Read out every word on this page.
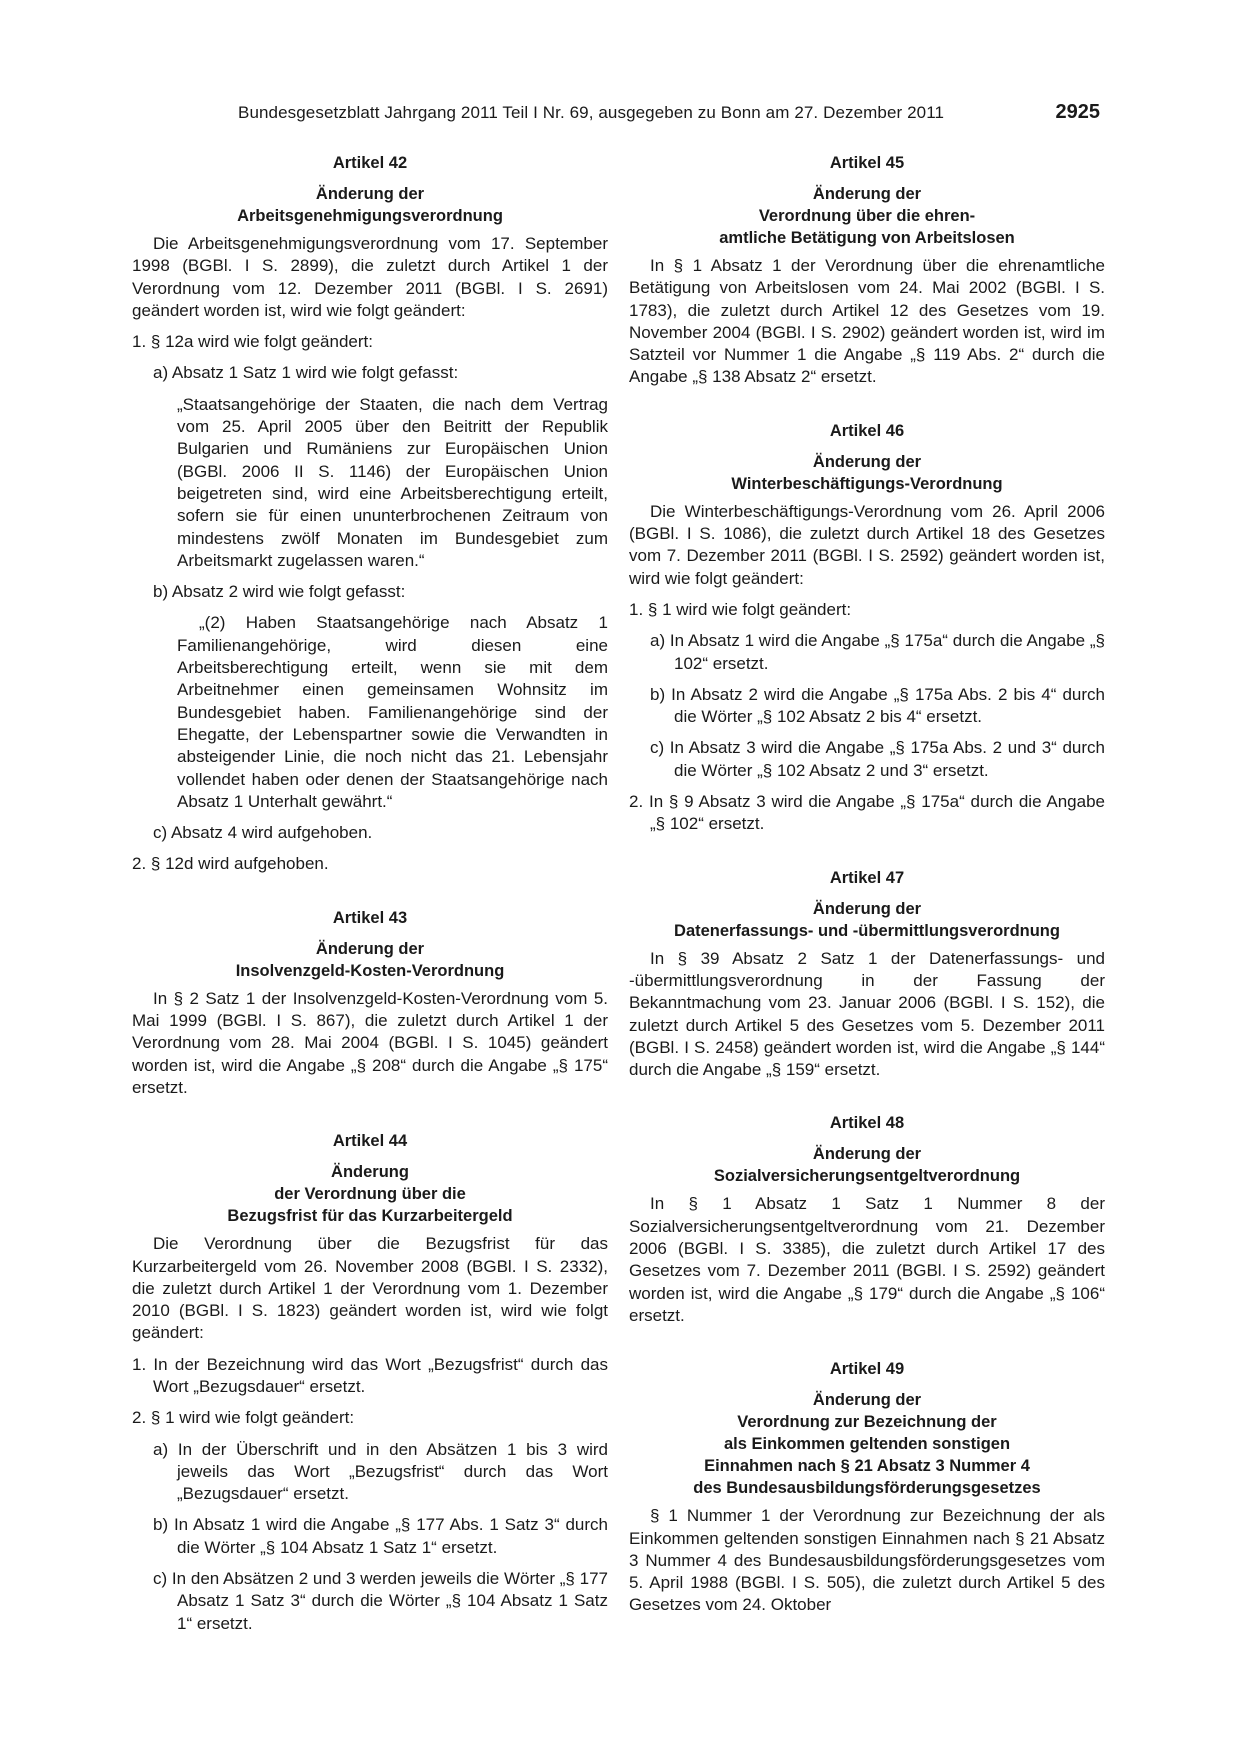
Bundesgesetzblatt Jahrgang 2011 Teil I Nr. 69, ausgegeben zu Bonn am 27. Dezember 2011	2925
Artikel 42
Änderung der
Arbeitsgenehmigungsverordnung

Die Arbeitsgenehmigungsverordnung vom 17. September 1998 (BGBl. I S. 2899), die zuletzt durch Artikel 1 der Verordnung vom 12. Dezember 2011 (BGBl. I S. 2691) geändert worden ist, wird wie folgt geändert:

1. § 12a wird wie folgt geändert:

a) Absatz 1 Satz 1 wird wie folgt gefasst:

„Staatsangehörige der Staaten, die nach dem Vertrag vom 25. April 2005 über den Beitritt der Republik Bulgarien und Rumäniens zur Europäischen Union (BGBl. 2006 II S. 1146) der Europäischen Union beigetreten sind, wird eine Arbeitsberechtigung erteilt, sofern sie für einen ununterbrochenen Zeitraum von mindestens zwölf Monaten im Bundesgebiet zum Arbeitsmarkt zugelassen waren.“

b) Absatz 2 wird wie folgt gefasst:

„(2) Haben Staatsangehörige nach Absatz 1 Familienangehörige, wird diesen eine Arbeitsberechtigung erteilt, wenn sie mit dem Arbeitnehmer einen gemeinsamen Wohnsitz im Bundesgebiet haben. Familienangehörige sind der Ehegatte, der Lebenspartner sowie die Verwandten in absteigender Linie, die noch nicht das 21. Lebensjahr vollendet haben oder denen der Staatsangehörige nach Absatz 1 Unterhalt gewährt.“

c) Absatz 4 wird aufgehoben.

2. § 12d wird aufgehoben.

Artikel 43
Änderung der
Insolvenzgeld-Kosten-Verordnung

In § 2 Satz 1 der Insolvenzgeld-Kosten-Verordnung vom 5. Mai 1999 (BGBl. I S. 867), die zuletzt durch Artikel 1 der Verordnung vom 28. Mai 2004 (BGBl. I S. 1045) geändert worden ist, wird die Angabe „§ 208“ durch die Angabe „§ 175“ ersetzt.

Artikel 44
Änderung
der Verordnung über die
Bezugsfrist für das Kurzarbeitergeld

Die Verordnung über die Bezugsfrist für das Kurzarbeitergeld vom 26. November 2008 (BGBl. I S. 2332), die zuletzt durch Artikel 1 der Verordnung vom 1. Dezember 2010 (BGBl. I S. 1823) geändert worden ist, wird wie folgt geändert:

1. In der Bezeichnung wird das Wort „Bezugsfrist“ durch das Wort „Bezugsdauer“ ersetzt.

2. § 1 wird wie folgt geändert:

a) In der Überschrift und in den Absätzen 1 bis 3 wird jeweils das Wort „Bezugsfrist“ durch das Wort „Bezugsdauer“ ersetzt.

b) In Absatz 1 wird die Angabe „§ 177 Abs. 1 Satz 3“ durch die Wörter „§ 104 Absatz 1 Satz 1“ ersetzt.

c) In den Absätzen 2 und 3 werden jeweils die Wörter „§ 177 Absatz 1 Satz 3“ durch die Wörter „§ 104 Absatz 1 Satz 1“ ersetzt.

Artikel 45
Änderung der
Verordnung über die ehren-
amtliche Betätigung von Arbeitslosen

In § 1 Absatz 1 der Verordnung über die ehrenamtliche Betätigung von Arbeitslosen vom 24. Mai 2002 (BGBl. I S. 1783), die zuletzt durch Artikel 12 des Gesetzes vom 19. November 2004 (BGBl. I S. 2902) geändert worden ist, wird im Satzteil vor Nummer 1 die Angabe „§ 119 Abs. 2“ durch die Angabe „§ 138 Absatz 2“ ersetzt.

Artikel 46
Änderung der
Winterbeschäftigungs-Verordnung

Die Winterbeschäftigungs-Verordnung vom 26. April 2006 (BGBl. I S. 1086), die zuletzt durch Artikel 18 des Gesetzes vom 7. Dezember 2011 (BGBl. I S. 2592) geändert worden ist, wird wie folgt geändert:

1. § 1 wird wie folgt geändert:

a) In Absatz 1 wird die Angabe „§ 175a“ durch die Angabe „§ 102“ ersetzt.

b) In Absatz 2 wird die Angabe „§ 175a Abs. 2 bis 4“ durch die Wörter „§ 102 Absatz 2 bis 4“ ersetzt.

c) In Absatz 3 wird die Angabe „§ 175a Abs. 2 und 3“ durch die Wörter „§ 102 Absatz 2 und 3“ ersetzt.

2. In § 9 Absatz 3 wird die Angabe „§ 175a“ durch die Angabe „§ 102“ ersetzt.

Artikel 47
Änderung der
Datenerfassungs- und -übermittlungsverordnung

In § 39 Absatz 2 Satz 1 der Datenerfassungs- und -übermittlungsverordnung in der Fassung der Bekanntmachung vom 23. Januar 2006 (BGBl. I S. 152), die zuletzt durch Artikel 5 des Gesetzes vom 5. Dezember 2011 (BGBl. I S. 2458) geändert worden ist, wird die Angabe „§ 144“ durch die Angabe „§ 159“ ersetzt.

Artikel 48
Änderung der
Sozialversicherungsentgeltverordnung

In § 1 Absatz 1 Satz 1 Nummer 8 der Sozialversicherungsentgeltverordnung vom 21. Dezember 2006 (BGBl. I S. 3385), die zuletzt durch Artikel 17 des Gesetzes vom 7. Dezember 2011 (BGBl. I S. 2592) geändert worden ist, wird die Angabe „§ 179“ durch die Angabe „§ 106“ ersetzt.

Artikel 49
Änderung der
Verordnung zur Bezeichnung der
als Einkommen geltenden sonstigen
Einnahmen nach § 21 Absatz 3 Nummer 4
des Bundesausbildungsförderungsgesetzes

§ 1 Nummer 1 der Verordnung zur Bezeichnung der als Einkommen geltenden sonstigen Einnahmen nach § 21 Absatz 3 Nummer 4 des Bundesausbildungsförderungsgesetzes vom 5. April 1988 (BGBl. I S. 505), die zuletzt durch Artikel 5 des Gesetzes vom 24. Oktober
